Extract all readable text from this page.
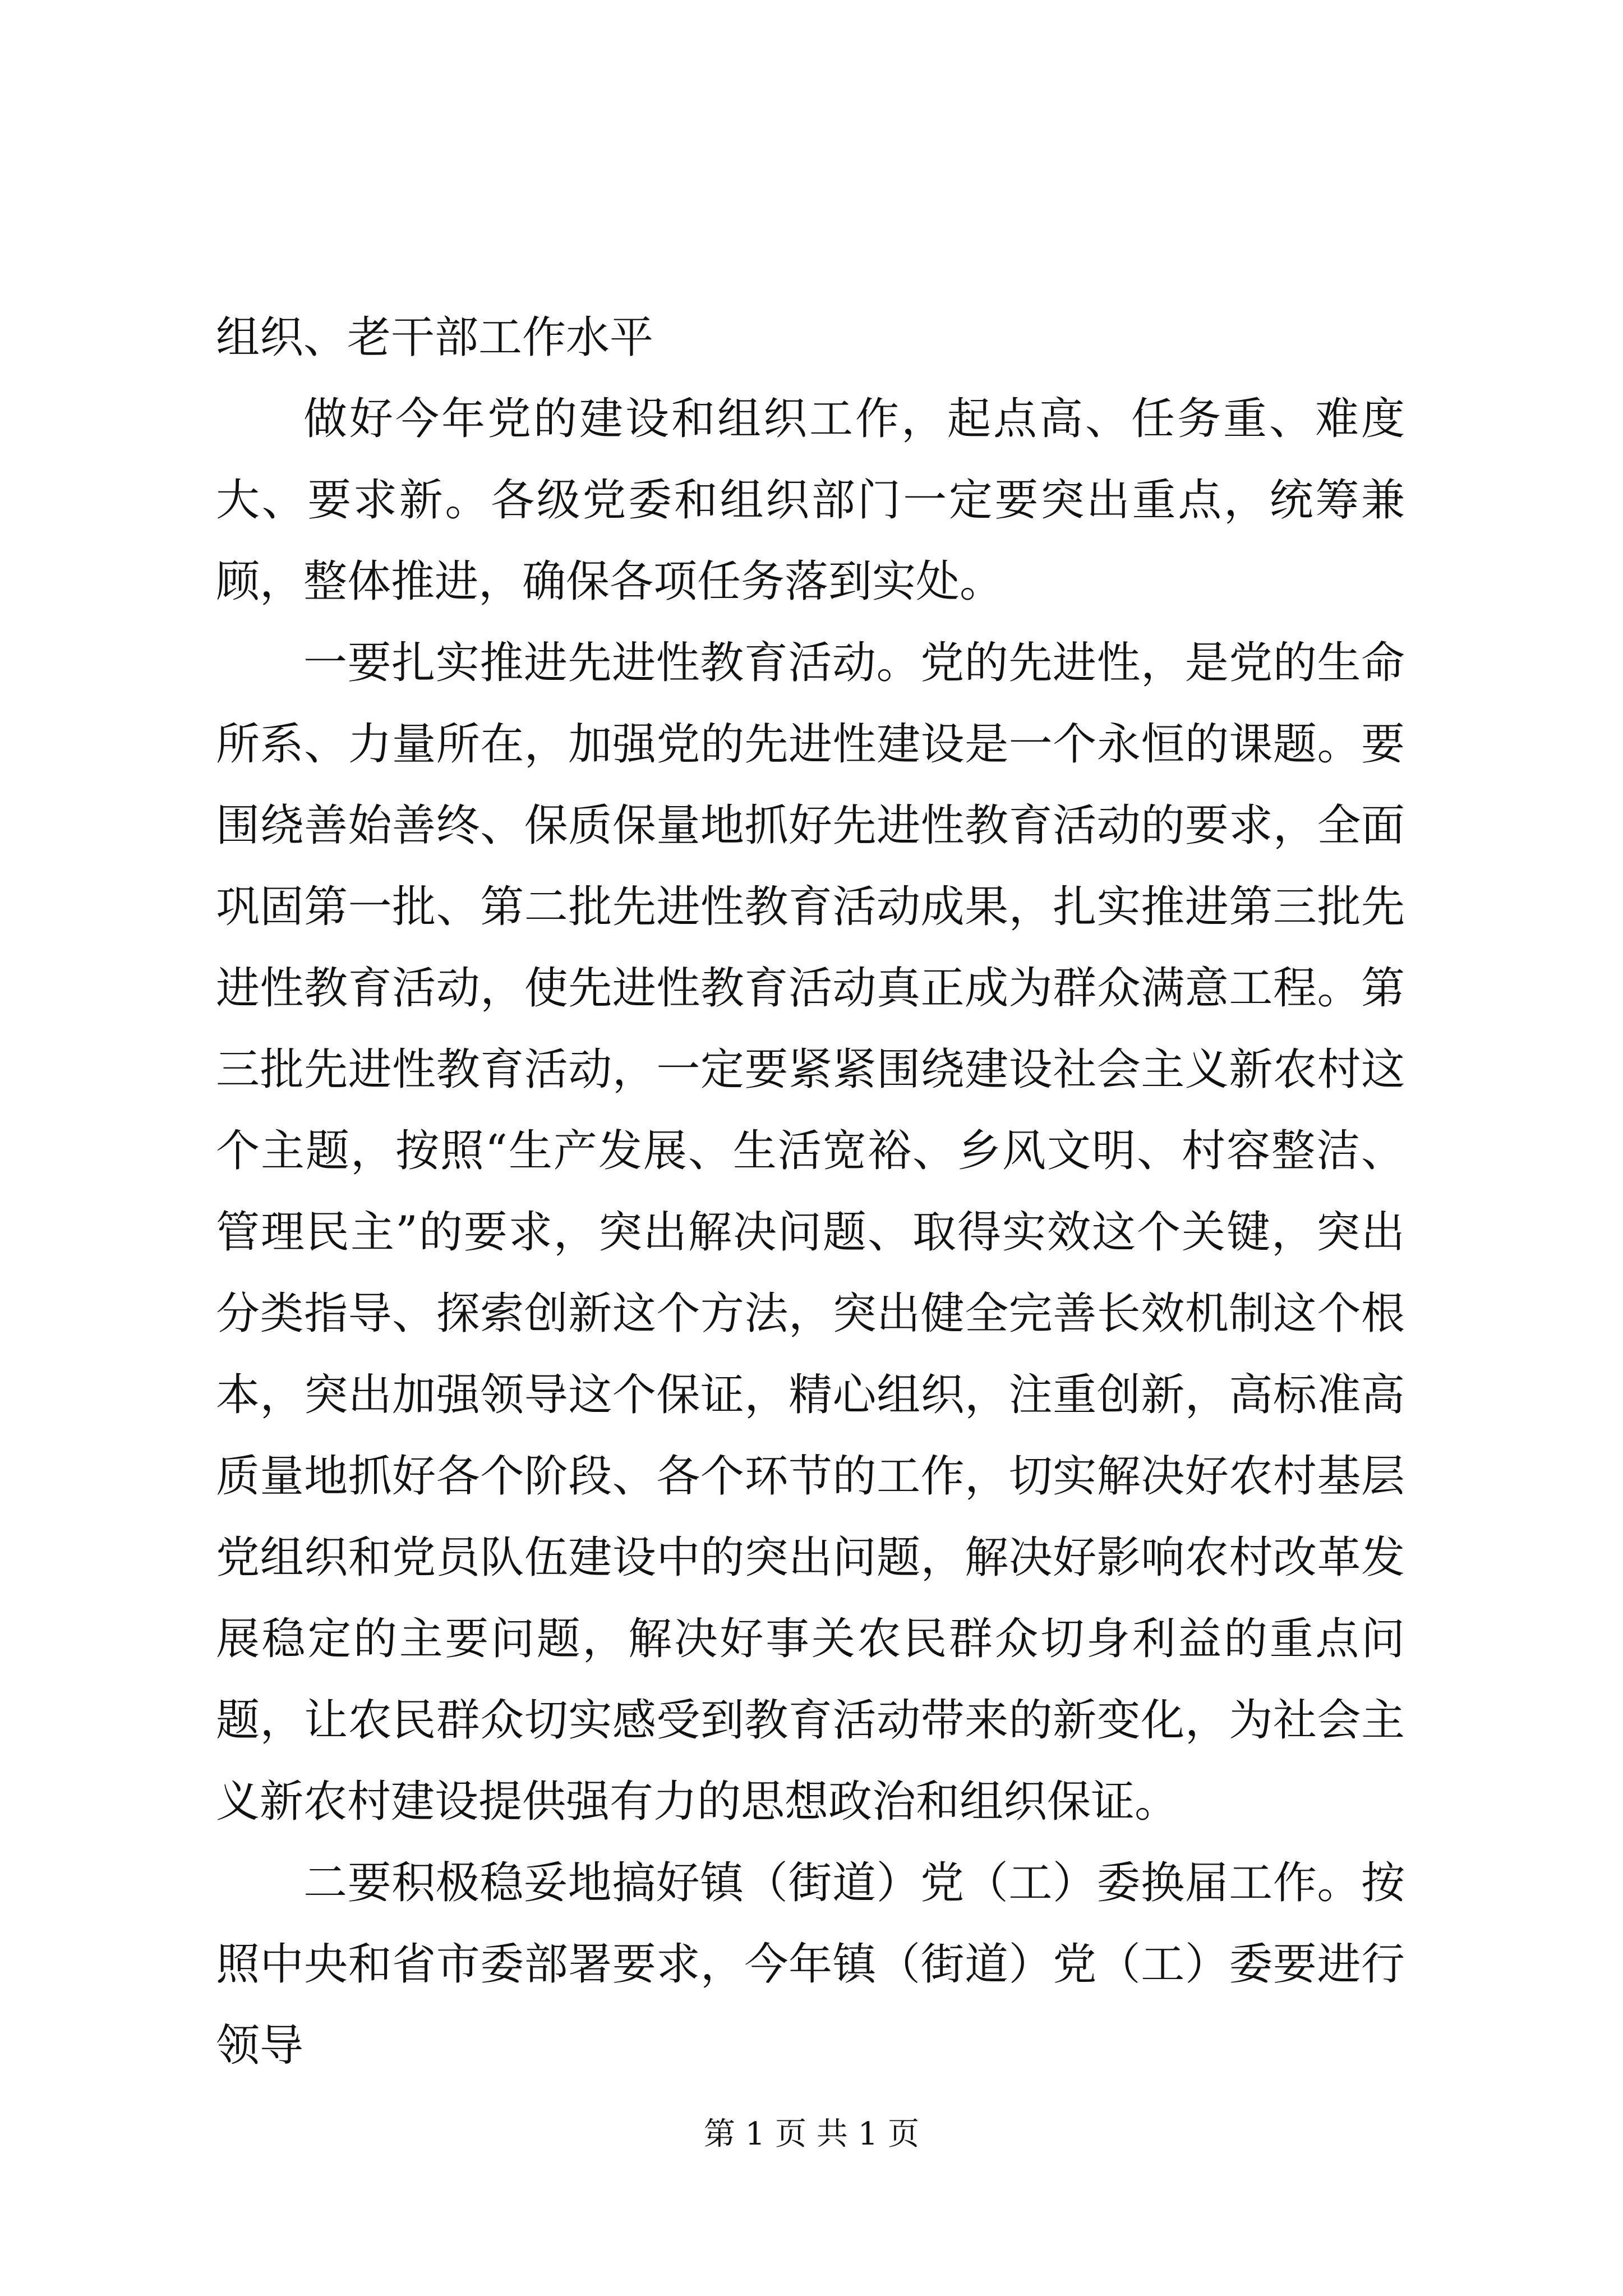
组织、老干部工作水平

做好今年党的建设和组织工作，起点高、任务重、难度大、要求新。各级党委和组织部门一定要突出重点，统筹兼顾，整体推进，确保各项任务落到实处。

一要扎实推进先进性教育活动。党的先进性，是党的生命所系、力量所在，加强党的先进性建设是一个永恒的课题。要围绕善始善终、保质保量地抓好先进性教育活动的要求，全面巩固第一批、第二批先进性教育活动成果，扎实推进第三批先进性教育活动，使先进性教育活动真正成为群众满意工程。第三批先进性教育活动，一定要紧紧围绕建设社会主义新农村这个主题，按照“生产发展、生活宽裕、乡风文明、村容整洁、管理民主”的要求，突出解决问题、取得实效这个关键，突出分类指导、探索创新这个方法，突出健全完善长效机制这个根本，突出加强领导这个保证，精心组织，注重创新，高标准高质量地抓好各个阶段、各个环节的工作，切实解决好农村基层党组织和党员队伍建设中的突出问题，解决好影响农村改革发展稳定的主要问题，解决好事关农民群众切身利益的重点问题，让农民群众切实感受到教育活动带来的新变化，为社会主义新农村建设提供强有力的思想政治和组织保证。

二要积极稳妥地搞好镇（街道）党（工）委换届工作。按照中央和省市委部署要求，今年镇（街道）党（工）委要进行领导

第 1 页 共 1 页
